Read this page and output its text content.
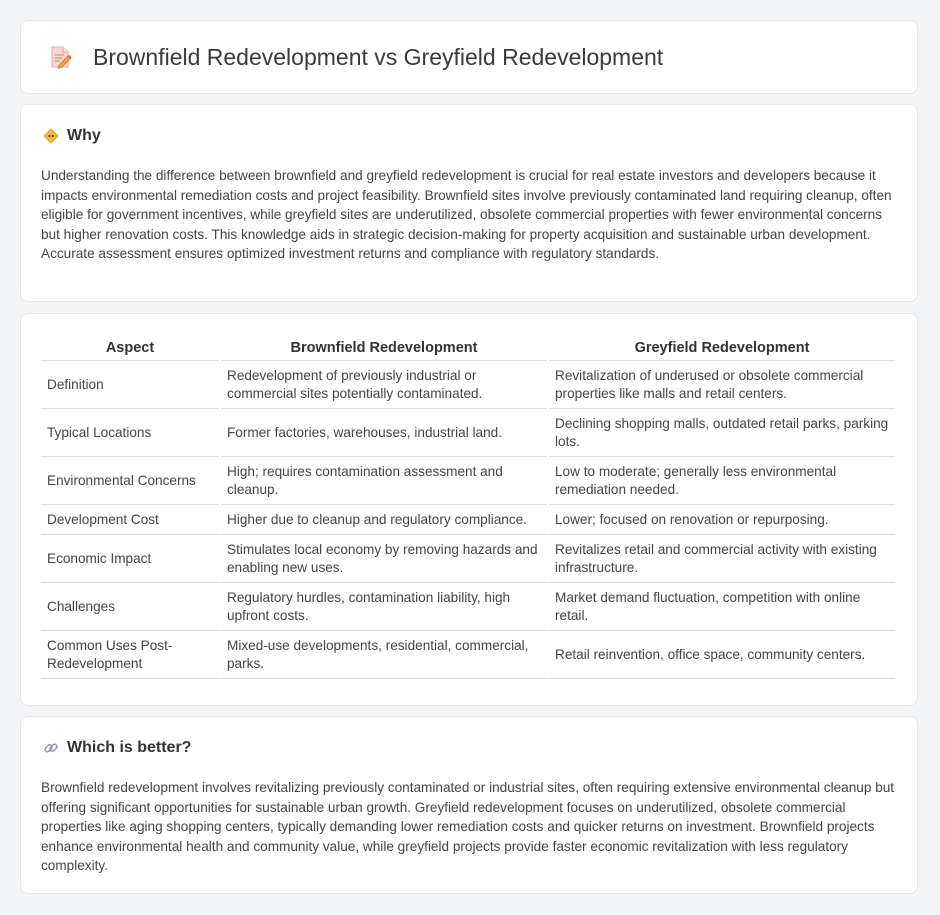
Brownfield Redevelopment vs Greyfield Redevelopment
Why
Understanding the difference between brownfield and greyfield redevelopment is crucial for real estate investors and developers because it impacts environmental remediation costs and project feasibility. Brownfield sites involve previously contaminated land requiring cleanup, often eligible for government incentives, while greyfield sites are underutilized, obsolete commercial properties with fewer environmental concerns but higher renovation costs. This knowledge aids in strategic decision-making for property acquisition and sustainable urban development. Accurate assessment ensures optimized investment returns and compliance with regulatory standards.
Aspect	Brownfield Redevelopment	Greyfield Redevelopment
Definition	Redevelopment of previously industrial or commercial sites potentially contaminated.	Revitalization of underused or obsolete commercial properties like malls and retail centers.
Typical Locations	Former factories, warehouses, industrial land.	Declining shopping malls, outdated retail parks, parking lots.
Environmental Concerns	High; requires contamination assessment and cleanup.	Low to moderate; generally less environmental remediation needed.
Development Cost	Higher due to cleanup and regulatory compliance.	Lower; focused on renovation or repurposing.
Economic Impact	Stimulates local economy by removing hazards and enabling new uses.	Revitalizes retail and commercial activity with existing infrastructure.
Challenges	Regulatory hurdles, contamination liability, high upfront costs.	Market demand fluctuation, competition with online retail.
Common Uses Post-Redevelopment	Mixed-use developments, residential, commercial, parks.	Retail reinvention, office space, community centers.
Which is better?
Brownfield redevelopment involves revitalizing previously contaminated or industrial sites, often requiring extensive environmental cleanup but offering significant opportunities for sustainable urban growth. Greyfield redevelopment focuses on underutilized, obsolete commercial properties like aging shopping centers, typically demanding lower remediation costs and quicker returns on investment. Brownfield projects enhance environmental health and community value, while greyfield projects provide faster economic revitalization with less regulatory complexity.
